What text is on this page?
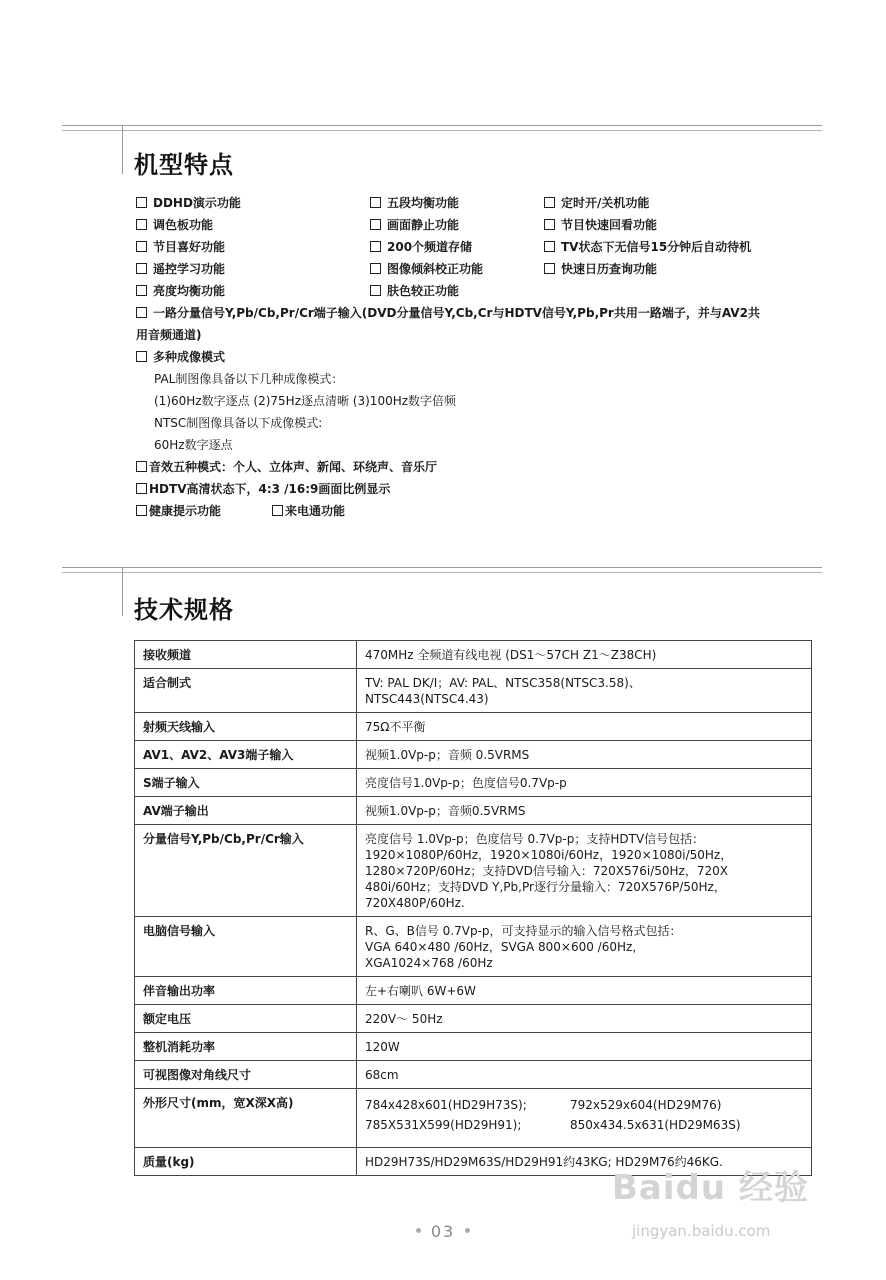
机型特点
DDHD演示功能	五段均衡功能	定时开/关机功能
调色板功能	画面静止功能	节目快速回看功能
节目喜好功能	200个频道存储	TV状态下无信号15分钟后自动待机
遥控学习功能	图像倾斜校正功能	快速日历查询功能
亮度均衡功能	肤色较正功能
一路分量信号Y,Pb/Cb,Pr/Cr端子输入(DVD分量信号Y,Cb,Cr与HDTV信号Y,Pb,Pr共用一路端子，并与AV2共
用音频通道)
多种成像模式
PAL制图像具备以下几种成像模式：
(1)60Hz数字逐点 (2)75Hz逐点清晰 (3)100Hz数字倍频
NTSC制图像具备以下成像模式:
60Hz数字逐点
音效五种模式：个人、立体声、新闻、环绕声、音乐厅
HDTV高清状态下，4:3 /16:9画面比例显示
健康提示功能	来电通功能
技术规格
接收频道	470MHz 全频道有线电视 (DS1～57CH Z1～Z38CH)
适合制式	TV: PAL DK/I；AV: PAL、NTSC358(NTSC3.58)、
NTSC443(NTSC4.43)
射频天线输入	75Ω不平衡
AV1、AV2、AV3端子输入	视频1.0Vp-p；音频 0.5VRMS
S端子输入	亮度信号1.0Vp-p；色度信号0.7Vp-p
AV端子输出	视频1.0Vp-p；音频0.5VRMS
分量信号Y,Pb/Cb,Pr/Cr输入	亮度信号 1.0Vp-p；色度信号 0.7Vp-p；支持HDTV信号包括：
1920×1080P/60Hz，1920×1080i/60Hz，1920×1080i/50Hz，
1280×720P/60Hz；支持DVD信号输入：720X576i/50Hz，720X
480i/60Hz；支持DVD Y,Pb,Pr逐行分量输入：720X576P/50Hz，
720X480P/60Hz.
电脑信号输入	R、G、B信号 0.7Vp-p，可支持显示的输入信号格式包括：
VGA 640×480 /60Hz，SVGA 800×600 /60Hz，
XGA1024×768 /60Hz
伴音输出功率	左+右喇叭 6W+6W
额定电压	220V～ 50Hz
整机消耗功率	120W
可视图像对角线尺寸	68cm
外形尺寸(mm，宽X深X高)	784x428x601(HD29H73S); 792x529x604(HD29M76)
785X531X599(HD29H91); 850x434.5x631(HD29M63S)

质量(kg)	HD29H73S/HD29M63S/HD29H91约43KG; HD29M76约46KG.
03
Baidu 经验
jingyan.baidu.com
